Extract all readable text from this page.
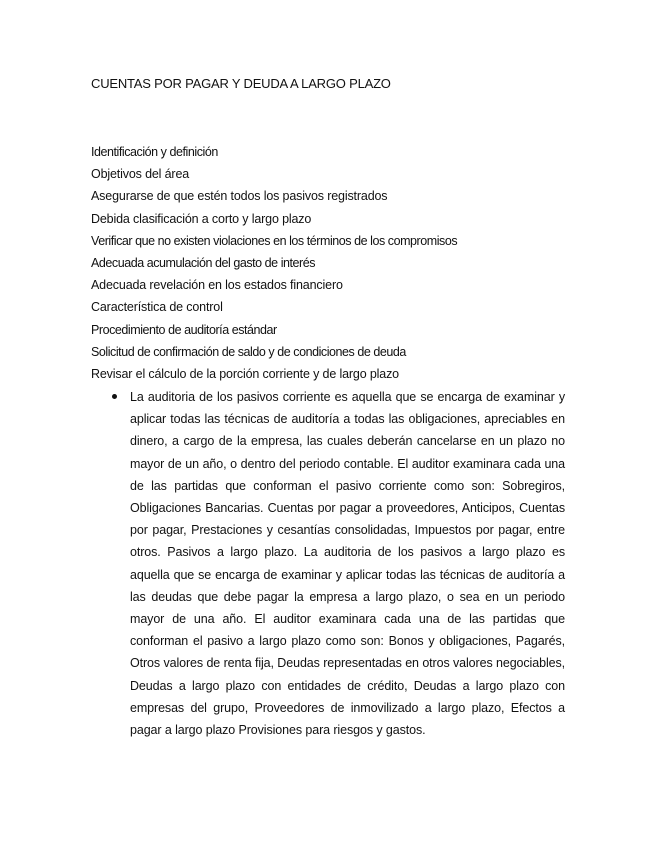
CUENTAS POR PAGAR Y DEUDA A LARGO PLAZO
Identificación y definición
Objetivos del área
Asegurarse de que estén todos los pasivos registrados
Debida clasificación a corto y largo plazo
Verificar que no existen violaciones en los términos de los compromisos
Adecuada acumulación del gasto de interés
Adecuada revelación en los estados financiero
Característica de control
Procedimiento de auditoría estándar
Solicitud de confirmación de saldo y de condiciones de deuda
Revisar el cálculo de la porción corriente y de largo plazo

La auditoria de los pasivos corriente es aquella que se encarga de examinar y aplicar todas las técnicas de auditoría a todas las obligaciones, apreciables en dinero, a cargo de la empresa, las cuales deberán cancelarse en un plazo no mayor de un año, o dentro del periodo contable. El auditor examinara cada una de las partidas que conforman el pasivo corriente como son: Sobregiros, Obligaciones Bancarias. Cuentas por pagar a proveedores, Anticipos, Cuentas por pagar, Prestaciones y cesantías consolidadas, Impuestos por pagar, entre otros. Pasivos a largo plazo. La auditoria de los pasivos a largo plazo es aquella que se encarga de examinar y aplicar todas las técnicas de auditoría a las deudas que debe pagar la empresa a largo plazo, o sea en un periodo mayor de una año. El auditor examinara cada una de las partidas que conforman el pasivo a largo plazo como son: Bonos y obligaciones, Pagarés, Otros valores de renta fija, Deudas representadas en otros valores negociables, Deudas a largo plazo con entidades de crédito, Deudas a largo plazo con empresas del grupo, Proveedores de inmovilizado a largo plazo, Efectos a pagar a largo plazo Provisiones para riesgos y gastos.
